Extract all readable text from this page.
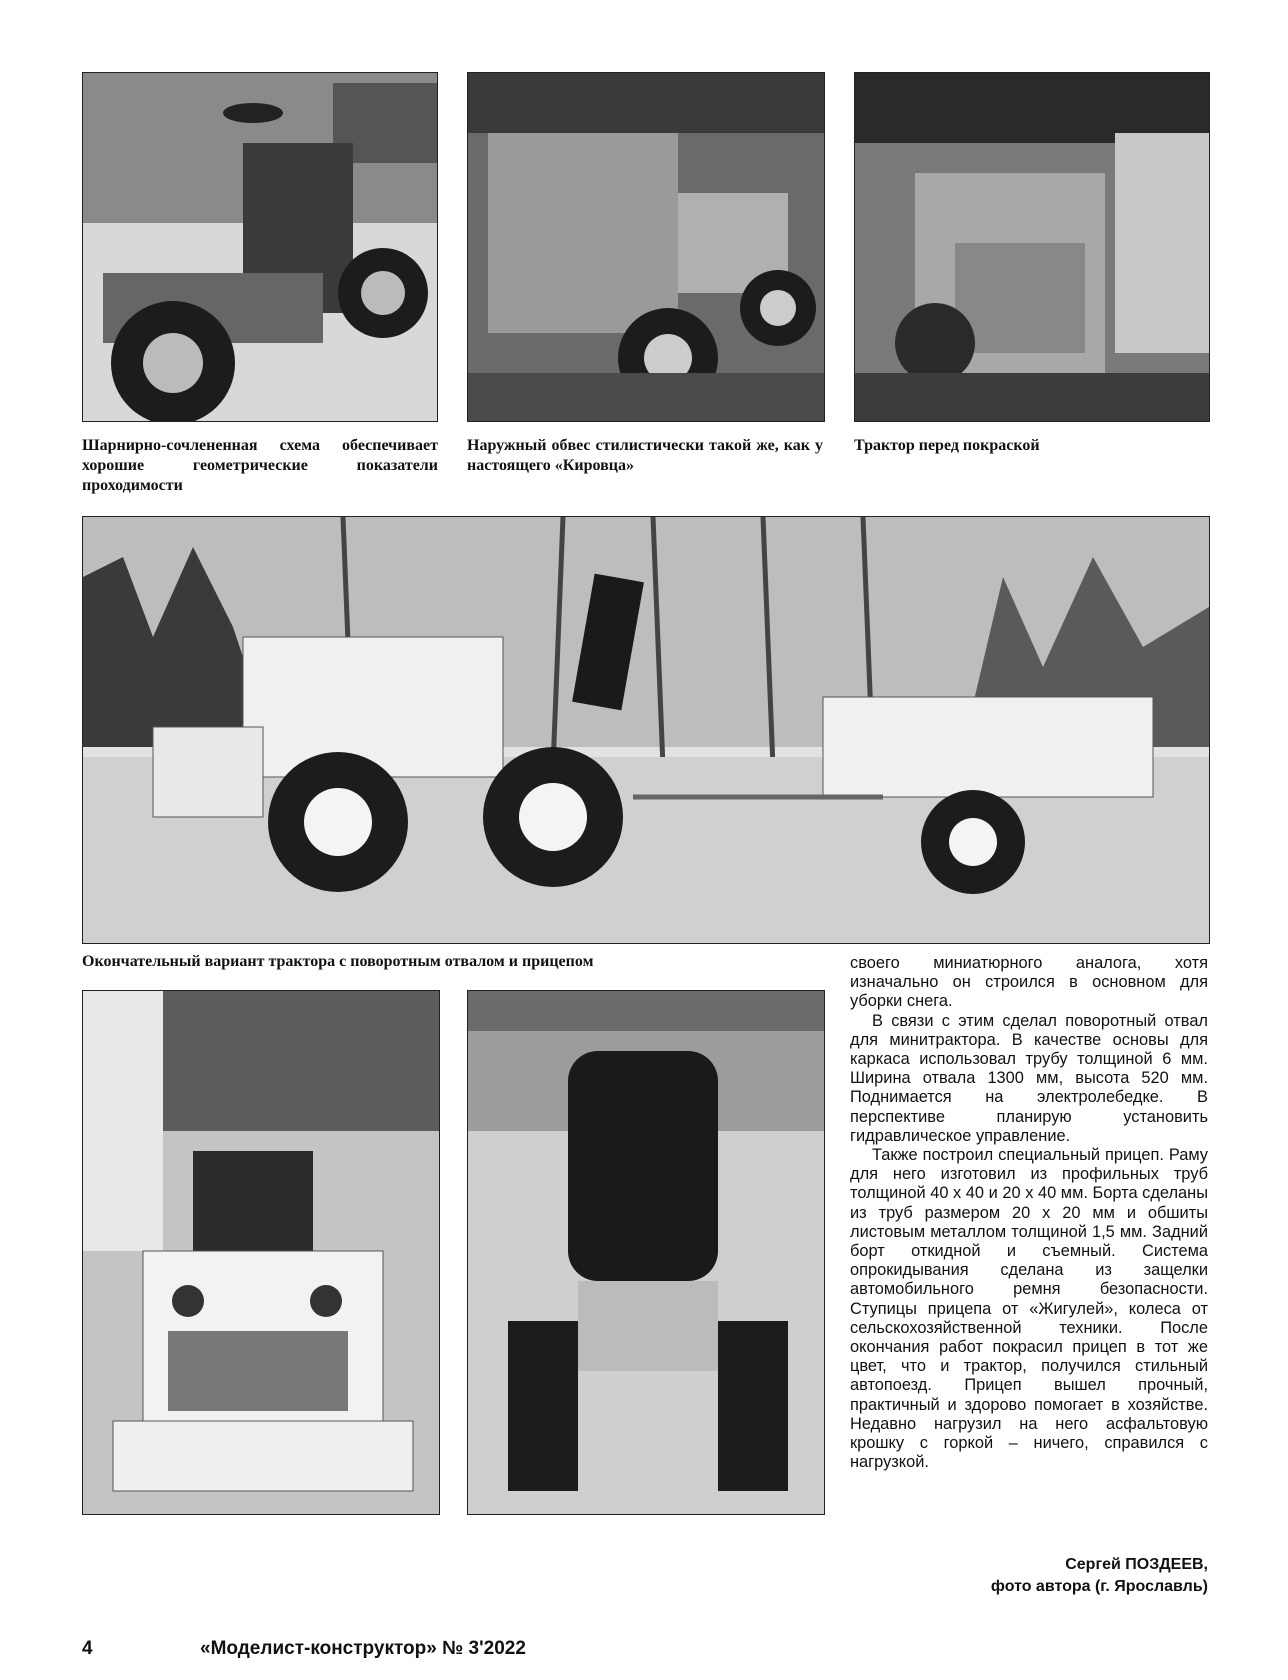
Шарнирно-сочлененная схема обеспечивает хорошие геометрические показатели проходимости
Наружный обвес стилистически такой же, как у настоящего «Кировца»
Трактор перед покраской
Окончательный вариант трактора с поворотным отвалом и прицепом	своего миниатюрного аналога, хотя изначально он строился в основном для уборки снега.

В связи с этим сделал поворотный отвал для минитрактора. В качестве основы для каркаса использовал трубу толщиной 6 мм. Ширина отвала 1300 мм, высота 520 мм. Поднимается на электролебедке. В перспективе планирую установить гидравлическое управление.

Также построил специальный прицеп. Раму для него изготовил из профильных труб толщиной 40 х 40 и 20 х 40 мм. Борта сделаны из труб размером 20 х 20 мм и обшиты листовым металлом толщиной 1,5 мм. Задний борт откидной и съемный. Система опрокидывания сделана из защелки автомобильного ремня безопасности. Ступицы прицепа от «Жигулей», колеса от сельскохозяйственной техники. После окончания работ покрасил прицеп в тот же цвет, что и трактор, получился стильный автопоезд. Прицеп вышел прочный, практичный и здорово помогает в хозяйстве. Недавно нагрузил на него асфальтовую крошку с горкой – ничего, справился с нагрузкой.

Сергей ПОЗДЕЕВ,
фото автора (г. Ярославль)
4	«Моделист-конструктор» № 3'2022
